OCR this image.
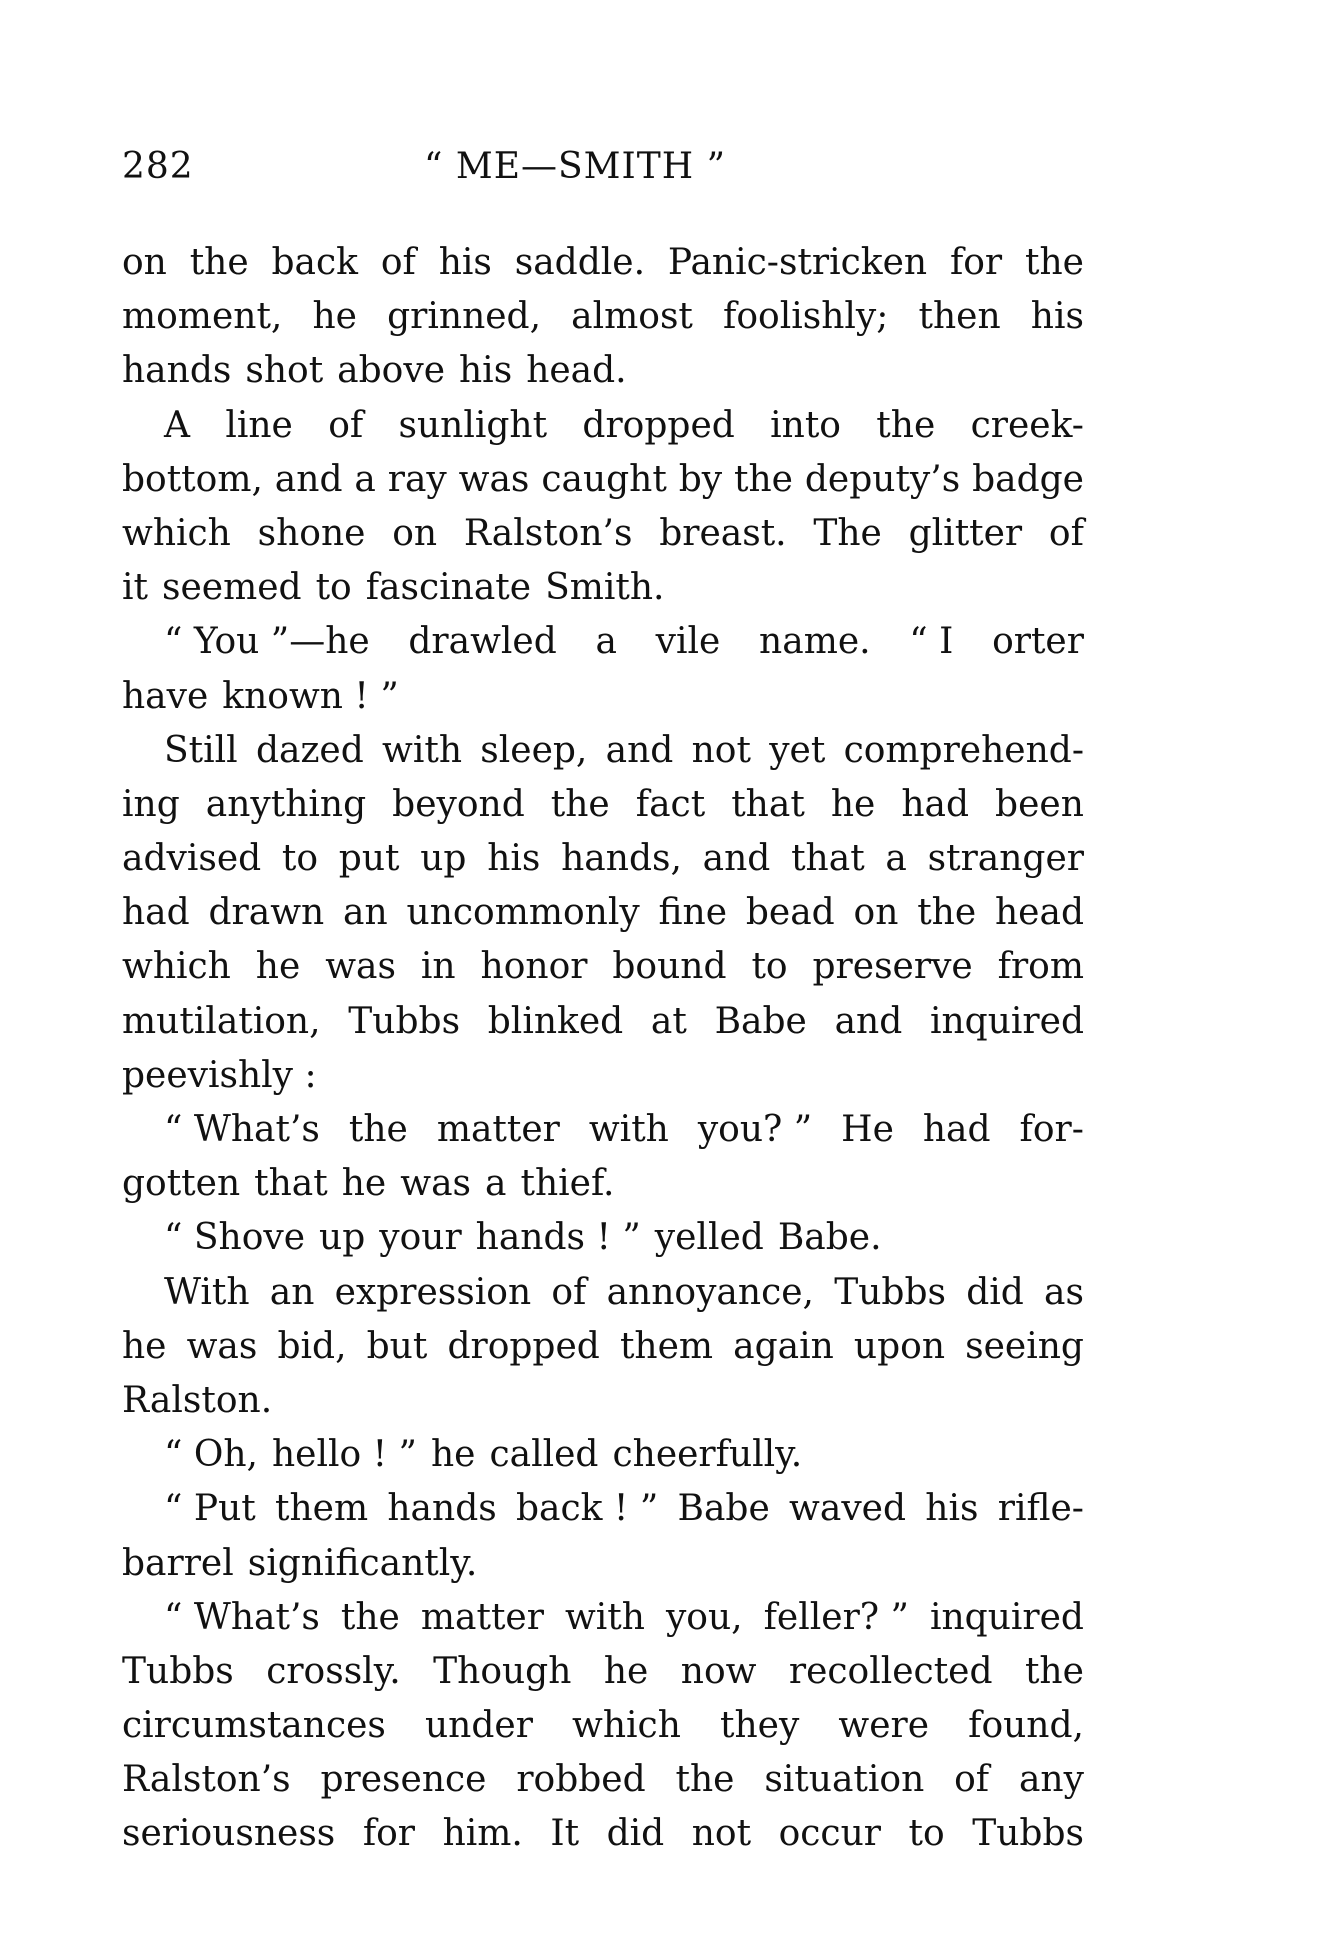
282	“ ME—SMITH ”
on the back of his saddle. Panic-stricken for the
moment, he grinned, almost foolishly; then his
hands shot above his head.
A line of sunlight dropped into the creek-
bottom, and a ray was caught by the deputy’s badge
which shone on Ralston’s breast. The glitter of
it seemed to fascinate Smith.
“ You ”—he drawled a vile name. “ I orter
have known ! ”
Still dazed with sleep, and not yet comprehend-
ing anything beyond the fact that he had been
advised to put up his hands, and that a stranger
had drawn an uncommonly fine bead on the head
which he was in honor bound to preserve from
mutilation, Tubbs blinked at Babe and inquired
peevishly :
“ What’s the matter with you? ” He had for-
gotten that he was a thief.
“ Shove up your hands ! ” yelled Babe.
With an expression of annoyance, Tubbs did as
he was bid, but dropped them again upon seeing
Ralston.
“ Oh, hello ! ” he called cheerfully.
“ Put them hands back ! ” Babe waved his rifle-
barrel significantly.
“ What’s the matter with you, feller? ” inquired
Tubbs crossly. Though he now recollected the
circumstances under which they were found,
Ralston’s presence robbed the situation of any
seriousness for him. It did not occur to Tubbs
